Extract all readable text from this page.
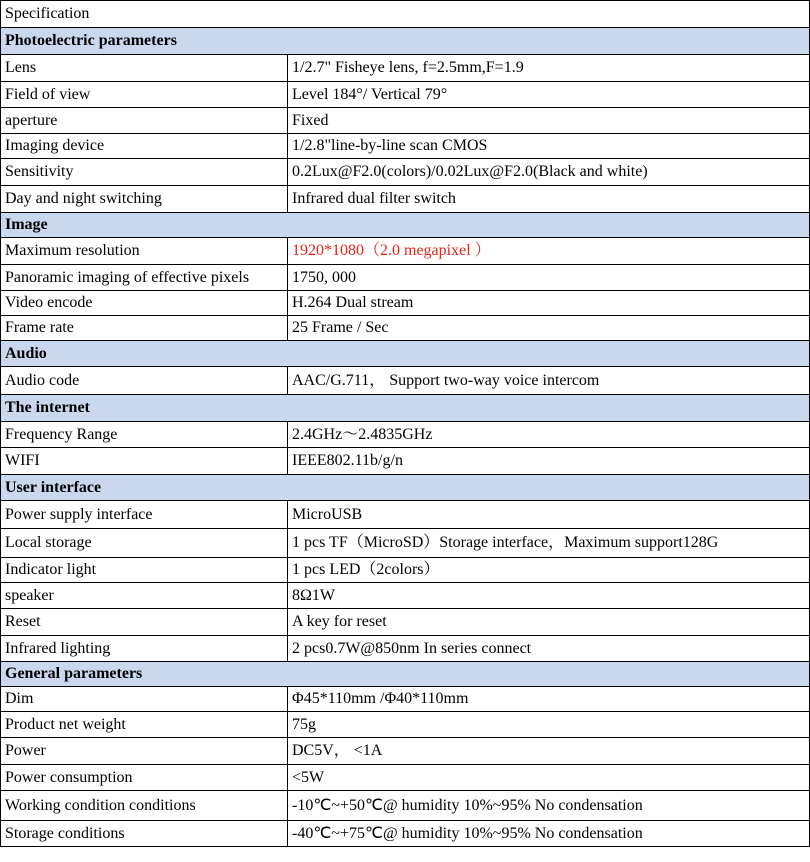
Specification	
Photoelectric parameters	
Lens	1/2.7" Fisheye lens, f=2.5mm,F=1.9
Field of view	Level 184°/ Vertical 79°
aperture	Fixed
Imaging device	1/2.8"line-by-line scan CMOS
Sensitivity	0.2Lux@F2.0(colors)/0.02Lux@F2.0(Black and white)
Day and night switching	Infrared dual filter switch
Image	
Maximum resolution	1920*1080（2.0 megapixel ）
Panoramic imaging of effective pixels	1750, 000
Video encode	H.264 Dual stream
Frame rate	25 Frame / Sec
Audio	
Audio code	AAC/G.711， Support two-way voice intercom
The internet	
Frequency Range	2.4GHz～2.4835GHz
WIFI	IEEE802.11b/g/n
User interface	
Power supply interface	MicroUSB
Local storage	1 pcs TF（MicroSD）Storage interface，Maximum support128G
Indicator light	1 pcs LED（2colors）
speaker	8Ω1W
Reset	A key for reset
Infrared lighting	2 pcs0.7W@850nm In series connect
General parameters	
Dim	Φ45*110mm /Φ40*110mm
Product net weight	75g
Power	DC5V， <1A
Power consumption	<5W
Working condition conditions	-10℃~+50℃@ humidity 10%~95% No condensation
Storage conditions	-40℃~+75℃@ humidity 10%~95% No condensation
